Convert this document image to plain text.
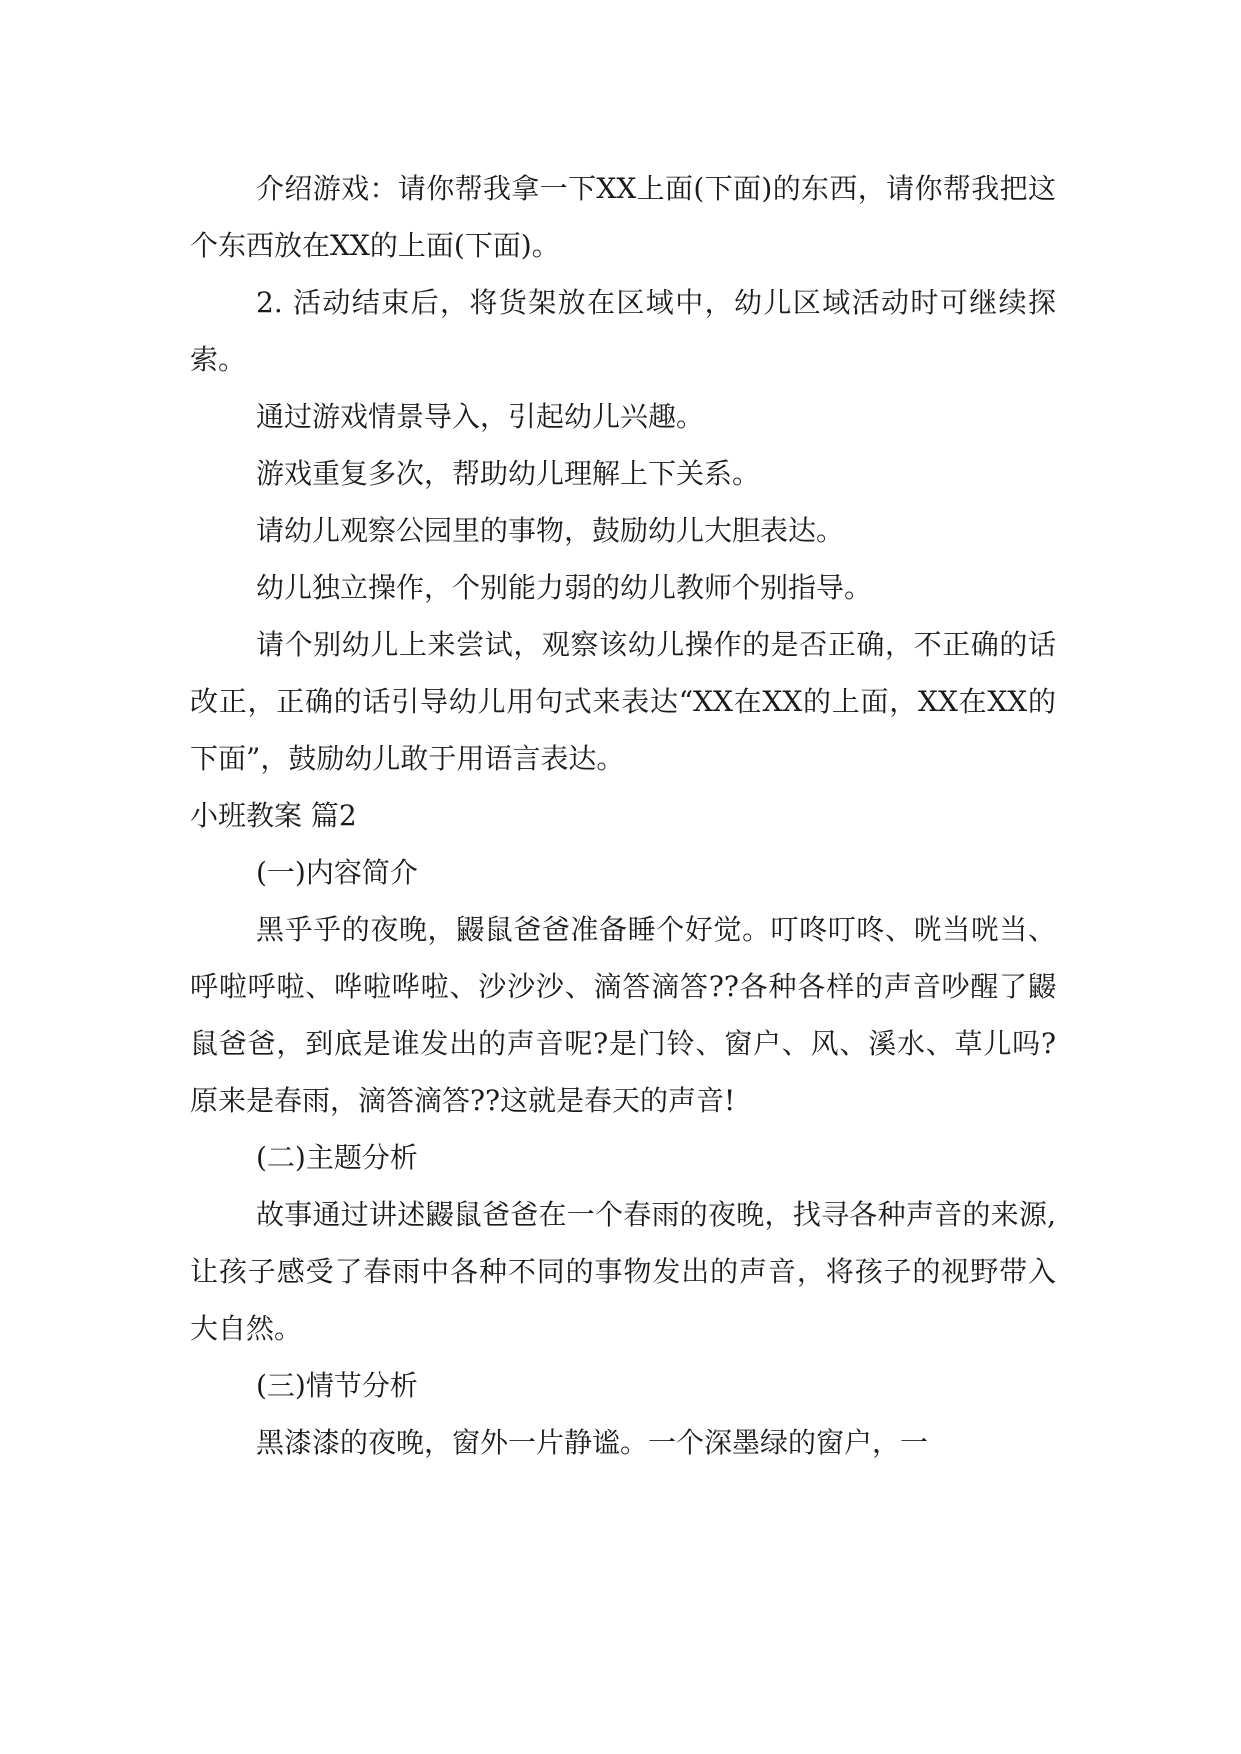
介绍游戏：请你帮我拿一下XX上面(下面)的东西，请你帮我把这个东西放在XX的上面(下面)。

2. 活动结束后，将货架放在区域中，幼儿区域活动时可继续探索。

通过游戏情景导入，引起幼儿兴趣。

游戏重复多次，帮助幼儿理解上下关系。

请幼儿观察公园里的事物，鼓励幼儿大胆表达。

幼儿独立操作，个别能力弱的幼儿教师个别指导。

请个别幼儿上来尝试，观察该幼儿操作的是否正确，不正确的话改正，正确的话引导幼儿用句式来表达“XX在XX的上面，XX在XX的下面”，鼓励幼儿敢于用语言表达。

小班教案 篇2

(一)内容简介

黑乎乎的夜晚，鼹鼠爸爸准备睡个好觉。叮咚叮咚、咣当咣当、呼啦呼啦、哗啦哗啦、沙沙沙、滴答滴答??各种各样的声音吵醒了鼹鼠爸爸，到底是谁发出的声音呢?是门铃、窗户、风、溪水、草儿吗?原来是春雨，滴答滴答??这就是春天的声音!

(二)主题分析

故事通过讲述鼹鼠爸爸在一个春雨的夜晚，找寻各种声音的来源,让孩子感受了春雨中各种不同的事物发出的声音，将孩子的视野带入大自然。

(三)情节分析

黑漆漆的夜晚，窗外一片静谧。一个深墨绿的窗户，一
